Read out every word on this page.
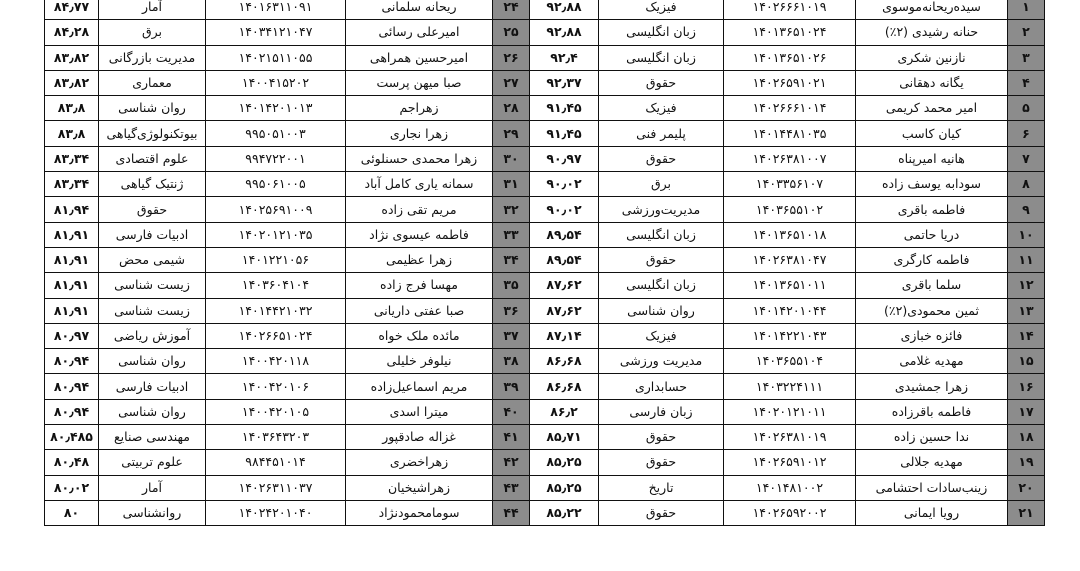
۱	سیده‌ریحانه‌موسوی	۱۴۰۲۶۶۶۱۰۱۹	فیزیک	۹۲٫۸۸	۲۴	ریحانه سلمانی	۱۴۰۱۶۳۱۱۰۹۱	آمار	۸۴٫۷۷
۲	حنانه رشیدی (۲٪)	۱۴۰۱۳۶۵۱۰۲۴	زبان انگلیسی	۹۲٫۸۸	۲۵	امیرعلی رسائی	۱۴۰۳۴۱۲۱۰۴۷	برق	۸۴٫۲۸
۳	نازنین شکری	۱۴۰۱۳۶۵۱۰۲۶	زبان انگلیسی	۹۲٫۴	۲۶	امیرحسین همراهی	۱۴۰۲۱۵۱۱۰۵۵	مدیریت بازرگانی	۸۳٫۸۲
۴	یگانه دهقانی	۱۴۰۲۶۵۹۱۰۲۱	حقوق	۹۲٫۳۷	۲۷	صبا میهن پرست	۱۴۰۰۴۱۵۲۰۲	معماری	۸۳٫۸۲
۵	امیر محمد کریمی	۱۴۰۲۶۶۶۱۰۱۴	فیزیک	۹۱٫۴۵	۲۸	زهراجم	۱۴۰۱۴۲۰۱۰۱۳	روان شناسی	۸۳٫۸
۶	کیان کاسب	۱۴۰۱۴۴۸۱۰۳۵	پلیمر فنی	۹۱٫۴۵	۲۹	زهرا نجاری	۹۹۵۰۵۱۰۰۳	بیوتکنولوژی‌گیاهی	۸۳٫۸
۷	هانیه امیرپناه	۱۴۰۲۶۳۸۱۰۰۷	حقوق	۹۰٫۹۷	۳۰	زهرا محمدی حسنلوئی	۹۹۴۷۲۲۰۰۱	علوم اقتصادی	۸۳٫۳۴
۸	سودابه یوسف زاده	۱۴۰۳۳۵۶۱۰۷	برق	۹۰٫۰۲	۳۱	سمانه یاری کامل آباد	۹۹۵۰۶۱۰۰۵	ژنتیک گیاهی	۸۳٫۳۴
۹	فاطمه باقری	۱۴۰۳۶۵۵۱۰۲	مدیریت‌ورزشی	۹۰٫۰۲	۳۲	مریم تقی زاده	۱۴۰۲۵۶۹۱۰۰۹	حقوق	۸۱٫۹۴
۱۰	دریا حاتمی	۱۴۰۱۳۶۵۱۰۱۸	زبان انگلیسی	۸۹٫۵۴	۳۳	فاطمه عیسوی نژاد	۱۴۰۲۰۱۲۱۰۳۵	ادبیات فارسی	۸۱٫۹۱
۱۱	فاطمه کارگری	۱۴۰۲۶۳۸۱۰۴۷	حقوق	۸۹٫۵۴	۳۴	زهرا عظیمی	۱۴۰۱۲۲۱۰۵۶	شیمی محض	۸۱٫۹۱
۱۲	سلما باقری	۱۴۰۱۳۶۵۱۰۱۱	زبان انگلیسی	۸۷٫۶۲	۳۵	مهسا فرج زاده	۱۴۰۳۶۰۴۱۰۴	زیست شناسی	۸۱٫۹۱
۱۳	ثمین محمودی(۲٪)	۱۴۰۱۴۲۰۱۰۴۴	روان شناسی	۸۷٫۶۲	۳۶	صبا عفتی داریانی	۱۴۰۱۴۴۲۱۰۳۲	زیست شناسی	۸۱٫۹۱
۱۴	فائزه خبازی	۱۴۰۱۴۲۲۱۰۴۳	فیزیک	۸۷٫۱۴	۳۷	مائده ملک خواه	۱۴۰۲۶۶۵۱۰۲۴	آموزش ریاضی	۸۰٫۹۷
۱۵	مهدیه غلامی	۱۴۰۳۶۵۵۱۰۴	مدیریت ورزشی	۸۶٫۶۸	۳۸	نیلوفر خلیلی	۱۴۰۰۴۲۰۱۱۸	روان شناسی	۸۰٫۹۴
۱۶	زهرا جمشیدی	۱۴۰۳۲۲۴۱۱۱	حسابداری	۸۶٫۶۸	۳۹	مریم اسماعیل‌زاده	۱۴۰۰۴۲۰۱۰۶	ادبیات فارسی	۸۰٫۹۴
۱۷	فاطمه باقرزاده	۱۴۰۲۰۱۲۱۰۱۱	زبان فارسی	۸۶٫۲	۴۰	میترا اسدی	۱۴۰۰۴۲۰۱۰۵	روان شناسی	۸۰٫۹۴
۱۸	ندا حسین زاده	۱۴۰۲۶۳۸۱۰۱۹	حقوق	۸۵٫۷۱	۴۱	غزاله صادقپور	۱۴۰۳۶۴۳۲۰۳	مهندسی صنایع	۸۰٫۴۸۵
۱۹	مهدیه جلالی	۱۴۰۲۶۵۹۱۰۱۲	حقوق	۸۵٫۲۵	۴۲	زهراخضری	۹۸۴۴۵۱۰۱۴	علوم تربیتی	۸۰٫۴۸
۲۰	زینب‌سادات احتشامی	۱۴۰۱۴۸۱۰۰۲	تاریخ	۸۵٫۲۵	۴۳	زهراشیخیان	۱۴۰۲۶۳۱۱۰۳۷	آمار	۸۰٫۰۲
۲۱	رویا ایمانی	۱۴۰۲۶۵۹۲۰۰۲	حقوق	۸۵٫۲۲	۴۴	سومامحمودنژاد	۱۴۰۲۴۲۰۱۰۴۰	روانشناسی	۸۰
